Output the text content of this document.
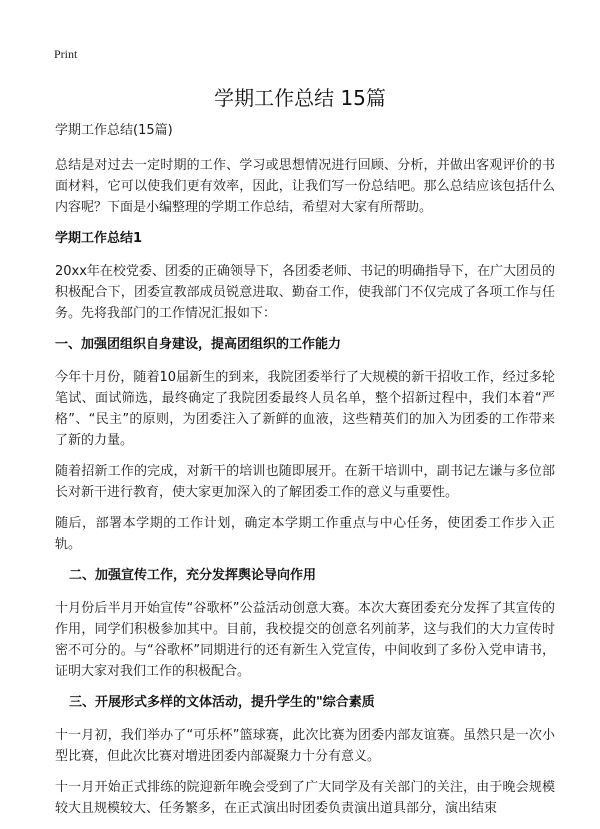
Print
学期工作总结 15篇

学期工作总结(15篇)

总结是对过去一定时期的工作、学习或思想情况进行回顾、分析，并做出客观评价的书面材料，它可以使我们更有效率，因此，让我们写一份总结吧。那么总结应该包括什么内容呢？下面是小编整理的学期工作总结，希望对大家有所帮助。

学期工作总结1

20xx年在校党委、团委的正确领导下，各团委老师、书记的明确指导下，在广大团员的积极配合下，团委宣教部成员锐意进取、勤奋工作，使我部门不仅完成了各项工作与任务。先将我部门的工作情况汇报如下：

一、加强团组织自身建设，提高团组织的工作能力

今年十月份，随着10届新生的到来，我院团委举行了大规模的新干招收工作，经过多轮笔试、面试筛选，最终确定了我院团委最终人员名单，整个招新过程中，我们本着“严格”、“民主”的原则，为团委注入了新鲜的血液，这些精英们的加入为团委的工作带来了新的力量。

随着招新工作的完成，对新干的培训也随即展开。在新干培训中，副书记左谦与多位部长对新干进行教育，使大家更加深入的了解团委工作的意义与重要性。

随后，部署本学期的工作计划，确定本学期工作重点与中心任务，使团委工作步入正轨。

二、加强宣传工作，充分发挥舆论导向作用

十月份后半月开始宣传“谷歌杯”公益活动创意大赛。本次大赛团委充分发挥了其宣传的作用，同学们积极参加其中。目前，我校提交的创意名列前茅，这与我们的大力宣传时密不可分的。与“谷歌杯”同期进行的还有新生入党宣传，中间收到了多份入党申请书，证明大家对我们工作的积极配合。

三、开展形式多样的文体活动，提升学生的"综合素质

十一月初，我们举办了“可乐杯”篮球赛，此次比赛为团委内部友谊赛。虽然只是一次小型比赛，但此次比赛对增进团委内部凝聚力十分有意义。

十一月开始正式排练的院迎新年晚会受到了广大同学及有关部门的关注，由于晚会规模较大且规模较大、任务繁多，在正式演出时团委负责演出道具部分，演出结束
